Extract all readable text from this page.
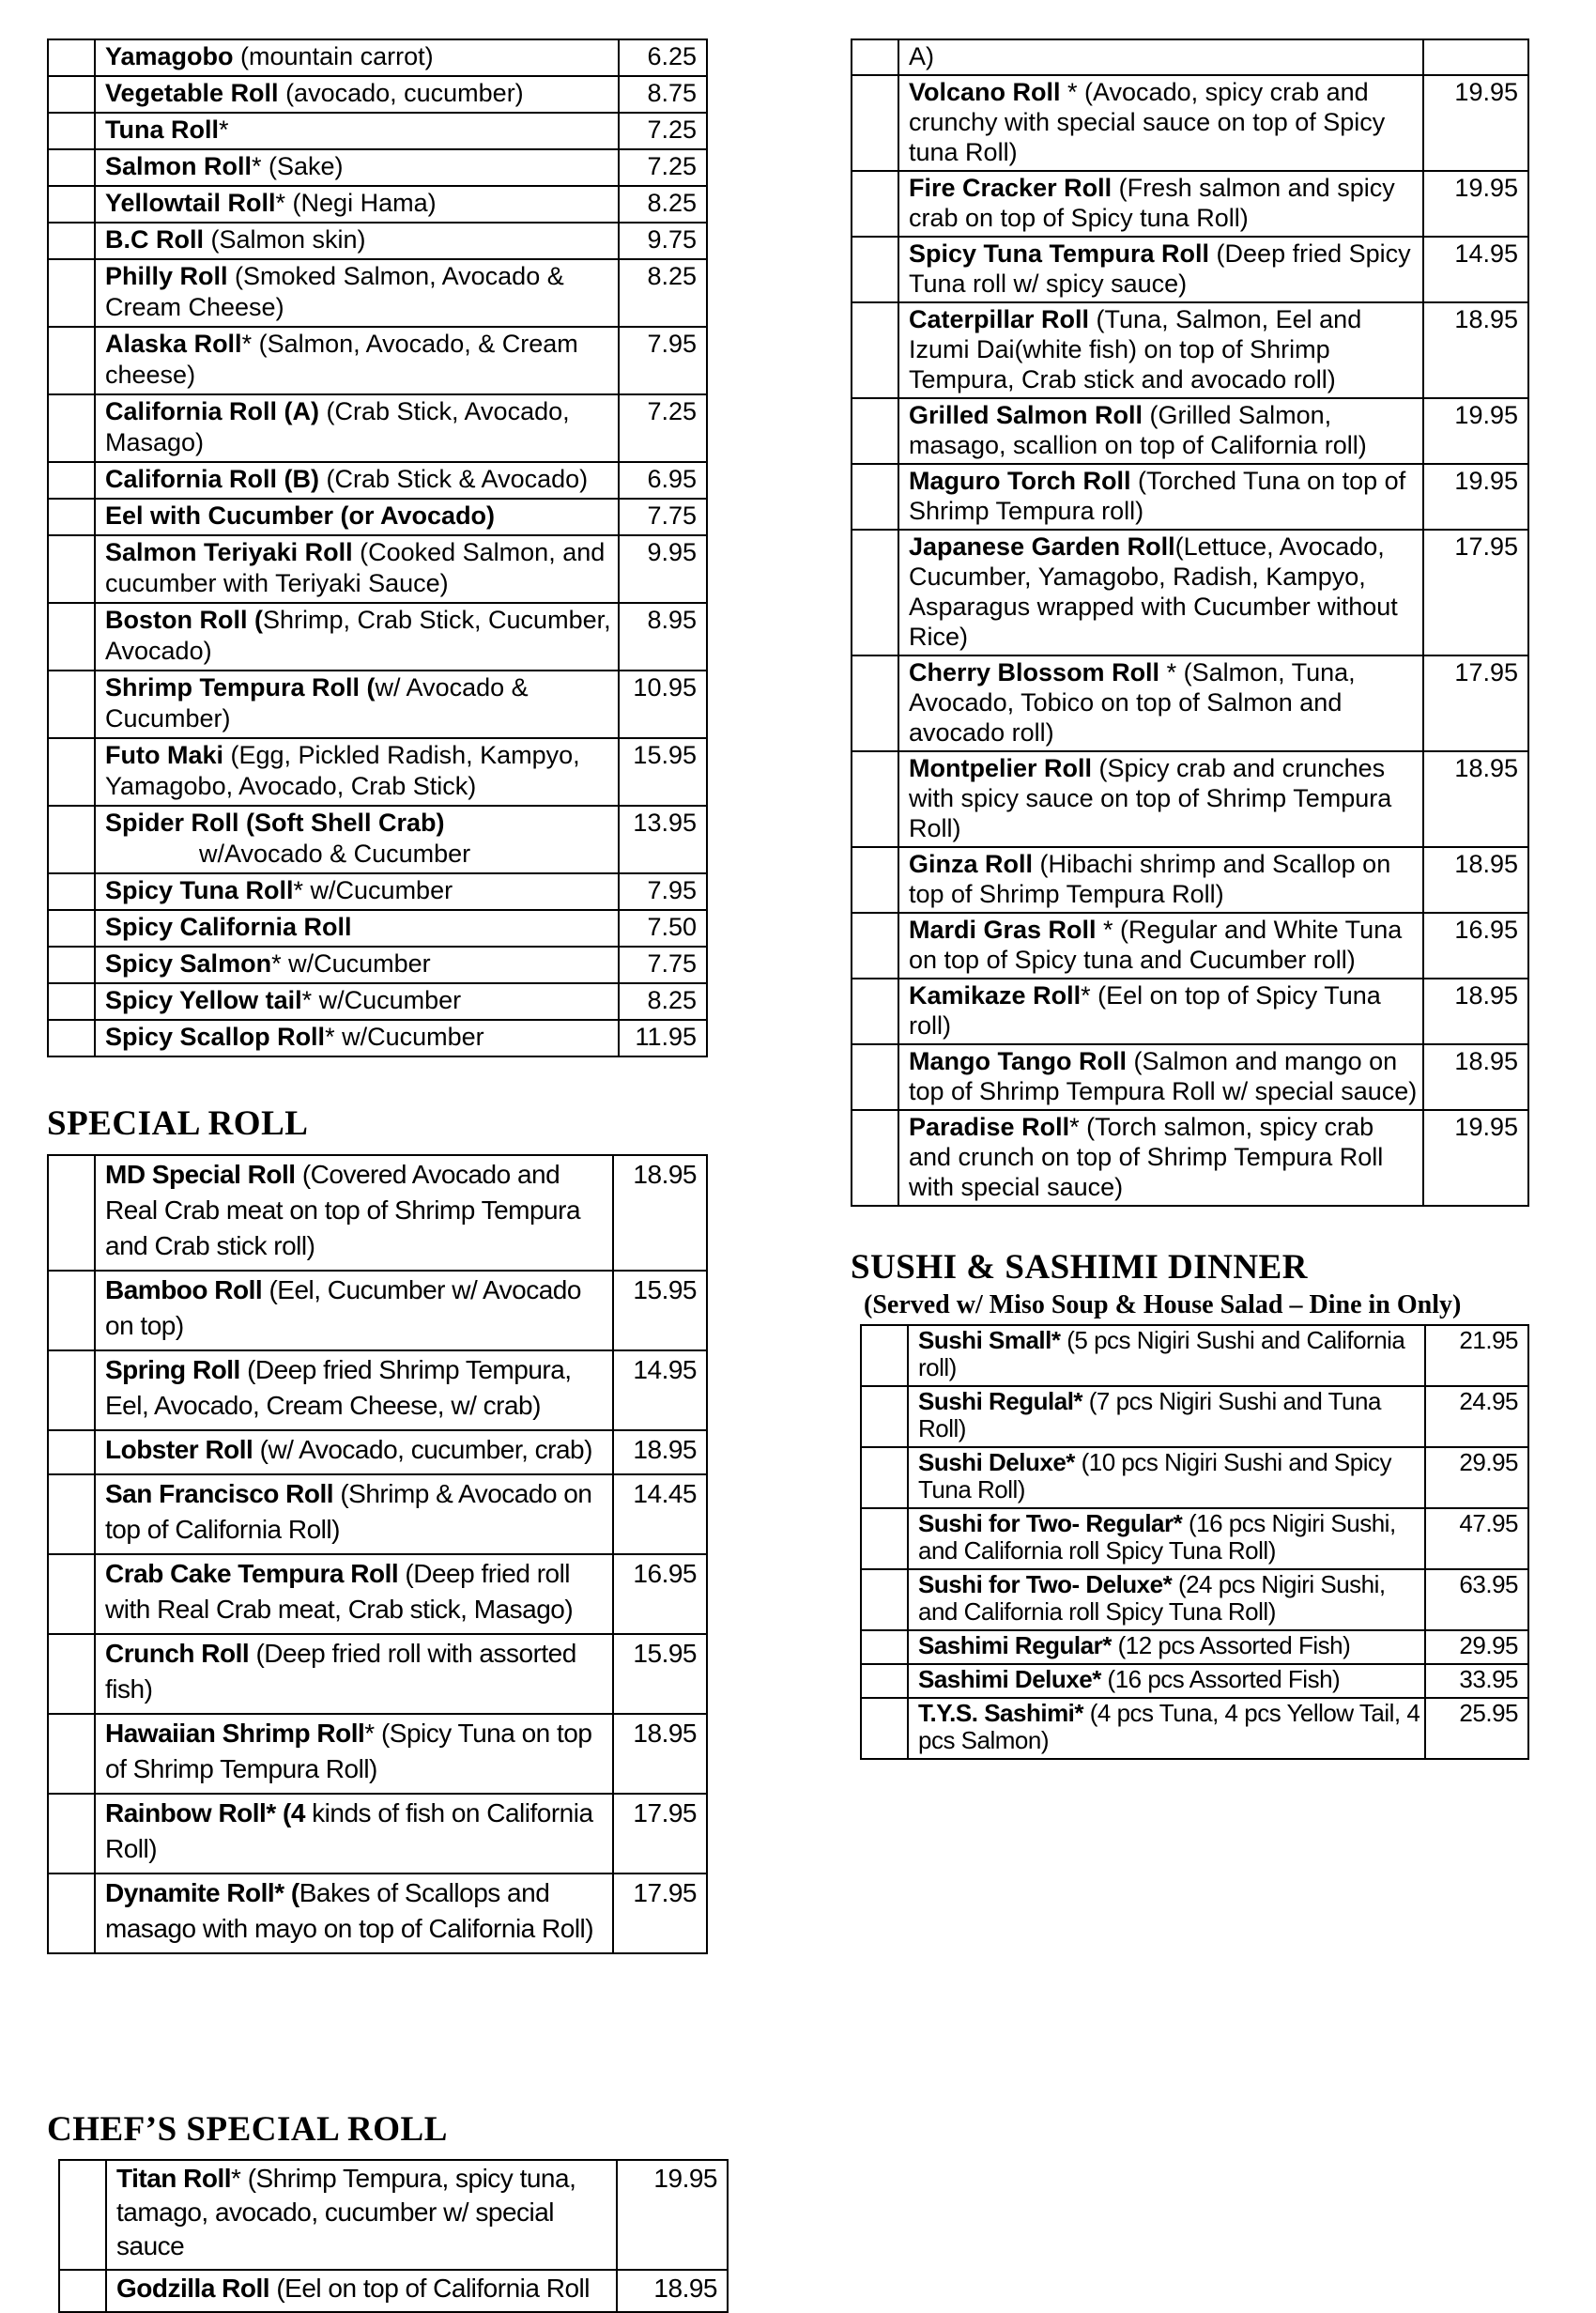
	Yamagobo (mountain carrot)	6.25
	Vegetable Roll (avocado, cucumber)	8.75
	Tuna Roll*	7.25
	Salmon Roll* (Sake)	7.25
	Yellowtail Roll* (Negi Hama)	8.25
	B.C Roll (Salmon skin)	9.75
	Philly Roll (Smoked Salmon, Avocado & Cream Cheese)	8.25
	Alaska Roll* (Salmon, Avocado, & Cream cheese)	7.95
	California Roll (A) (Crab Stick, Avocado, Masago)	7.25
	California Roll (B) (Crab Stick & Avocado)	6.95
	Eel with Cucumber (or Avocado)	7.75
	Salmon Teriyaki Roll (Cooked Salmon, and cucumber with Teriyaki Sauce)	9.95
	Boston Roll (Shrimp, Crab Stick, Cucumber, Avocado)	8.95
	Shrimp Tempura Roll (w/ Avocado & Cucumber)	10.95
	Futo Maki (Egg, Pickled Radish, Kampyo, Yamagobo, Avocado, Crab Stick)	15.95
	Spider Roll (Soft Shell Crab)
w/Avocado & Cucumber	13.95
	Spicy Tuna Roll* w/Cucumber	7.95
	Spicy California Roll	7.50
	Spicy Salmon* w/Cucumber	7.75
	Spicy Yellow tail* w/Cucumber	8.25
	Spicy Scallop Roll* w/Cucumber	11.95
SPECIAL ROLL
	MD Special Roll (Covered Avocado and Real Crab meat on top of Shrimp Tempura and Crab stick roll)	18.95
	Bamboo Roll (Eel, Cucumber w/ Avocado on top)	15.95
	Spring Roll (Deep fried Shrimp Tempura, Eel, Avocado, Cream Cheese, w/ crab)	14.95
	Lobster Roll (w/ Avocado, cucumber, crab)	18.95
	San Francisco Roll (Shrimp & Avocado on top of California Roll)	14.45
	Crab Cake Tempura Roll (Deep fried roll with Real Crab meat, Crab stick, Masago)	16.95
	Crunch Roll (Deep fried roll with assorted fish)	15.95
	Hawaiian Shrimp Roll* (Spicy Tuna on top of Shrimp Tempura Roll)	18.95
	Rainbow Roll* (4 kinds of fish on California Roll)	17.95
	Dynamite Roll* (Bakes of Scallops and masago with mayo on top of California Roll)	17.95
CHEF’S SPECIAL ROLL
	Titan Roll* (Shrimp Tempura, spicy tuna, tamago, avocado, cucumber w/ special sauce	19.95
	Godzilla Roll (Eel on top of California Roll	18.95
	A)	
	Volcano Roll * (Avocado, spicy crab and crunchy with special sauce on top of Spicy tuna Roll)	19.95
	Fire Cracker Roll (Fresh salmon and spicy crab on top of Spicy tuna Roll)	19.95
	Spicy Tuna Tempura Roll (Deep fried Spicy Tuna roll w/ spicy sauce)	14.95
	Caterpillar Roll (Tuna, Salmon, Eel and Izumi Dai(white fish) on top of Shrimp Tempura, Crab stick and avocado roll)	18.95
	Grilled Salmon Roll (Grilled Salmon, masago, scallion on top of California roll)	19.95
	Maguro Torch Roll (Torched Tuna on top of Shrimp Tempura roll)	19.95
	Japanese Garden Roll(Lettuce, Avocado, Cucumber, Yamagobo, Radish, Kampyo, Asparagus wrapped with Cucumber without Rice)	17.95
	Cherry Blossom Roll * (Salmon, Tuna, Avocado, Tobico on top of Salmon and avocado roll)	17.95
	Montpelier Roll (Spicy crab and crunches with spicy sauce on top of Shrimp Tempura Roll)	18.95
	Ginza Roll (Hibachi shrimp and Scallop on top of Shrimp Tempura Roll)	18.95
	Mardi Gras Roll * (Regular and White Tuna on top of Spicy tuna and Cucumber roll)	16.95
	Kamikaze Roll* (Eel on top of Spicy Tuna roll)	18.95
	Mango Tango Roll (Salmon and mango on top of Shrimp Tempura Roll w/ special sauce)	18.95
	Paradise Roll* (Torch salmon, spicy crab and crunch on top of Shrimp Tempura Roll with special sauce)	19.95
SUSHI & SASHIMI DINNER
(Served w/ Miso Soup & House Salad – Dine in Only)
	Sushi Small* (5 pcs Nigiri Sushi and California roll)	21.95
	Sushi Regulal* (7 pcs Nigiri Sushi and Tuna Roll)	24.95
	Sushi Deluxe* (10 pcs Nigiri Sushi and Spicy Tuna Roll)	29.95
	Sushi for Two- Regular* (16 pcs Nigiri Sushi, and California roll Spicy Tuna Roll)	47.95
	Sushi for Two- Deluxe* (24 pcs Nigiri Sushi, and California roll Spicy Tuna Roll)	63.95
	Sashimi Regular* (12 pcs Assorted Fish)	29.95
	Sashimi Deluxe* (16 pcs Assorted Fish)	33.95
	T.Y.S. Sashimi* (4 pcs Tuna, 4 pcs Yellow Tail, 4 pcs Salmon)	25.95
